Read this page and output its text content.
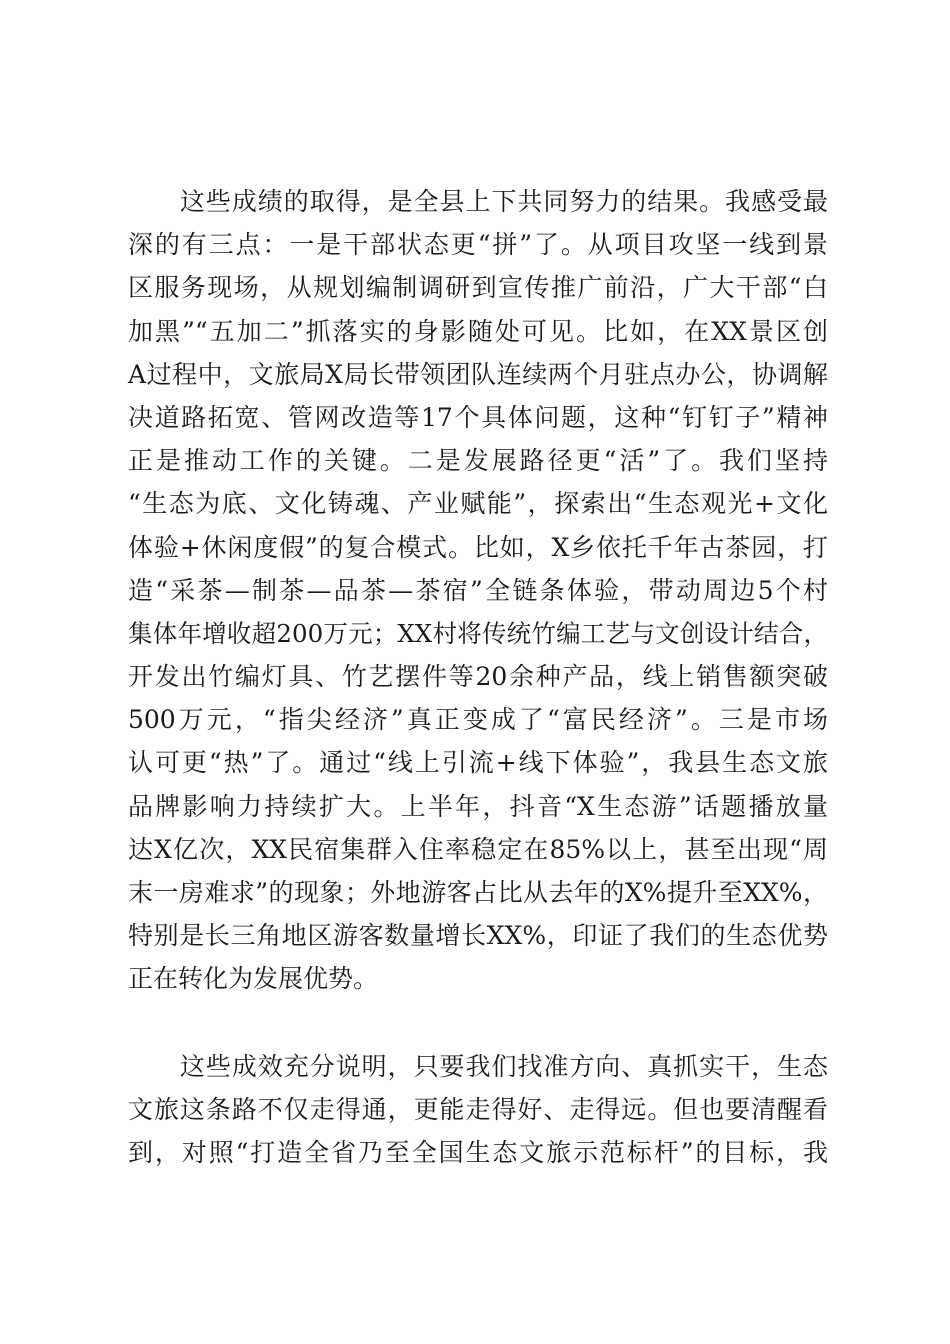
　　这些成绩的取得，是全县上下共同努力的结果。我感受最
深的有三点：一是干部状态更“拼”了。从项目攻坚一线到景
区服务现场，从规划编制调研到宣传推广前沿，广大干部“白
加黑”“五加二”抓落实的身影随处可见。比如，在XX景区创
A过程中，文旅局X局长带领团队连续两个月驻点办公，协调解
决道路拓宽、管网改造等17个具体问题，这种“钉钉子”精神
正是推动工作的关键。二是发展路径更“活”了。我们坚持
“生态为底、文化铸魂、产业赋能”，探索出“生态观光+文化
体验+休闲度假”的复合模式。比如，X乡依托千年古茶园，打
造“采茶—制茶—品茶—茶宿”全链条体验，带动周边5个村
集体年增收超200万元；XX村将传统竹编工艺与文创设计结合，
开发出竹编灯具、竹艺摆件等20余种产品，线上销售额突破
500万元，“指尖经济”真正变成了“富民经济”。三是市场
认可更“热”了。通过“线上引流+线下体验”，我县生态文旅
品牌影响力持续扩大。上半年，抖音“X生态游”话题播放量
达X亿次，XX民宿集群入住率稳定在85%以上，甚至出现“周
末一房难求”的现象；外地游客占比从去年的X%提升至XX%，
特别是长三角地区游客数量增长XX%，印证了我们的生态优势
正在转化为发展优势。
　　这些成效充分说明，只要我们找准方向、真抓实干，生态
文旅这条路不仅走得通，更能走得好、走得远。但也要清醒看
到，对照“打造全省乃至全国生态文旅示范标杆”的目标，我
